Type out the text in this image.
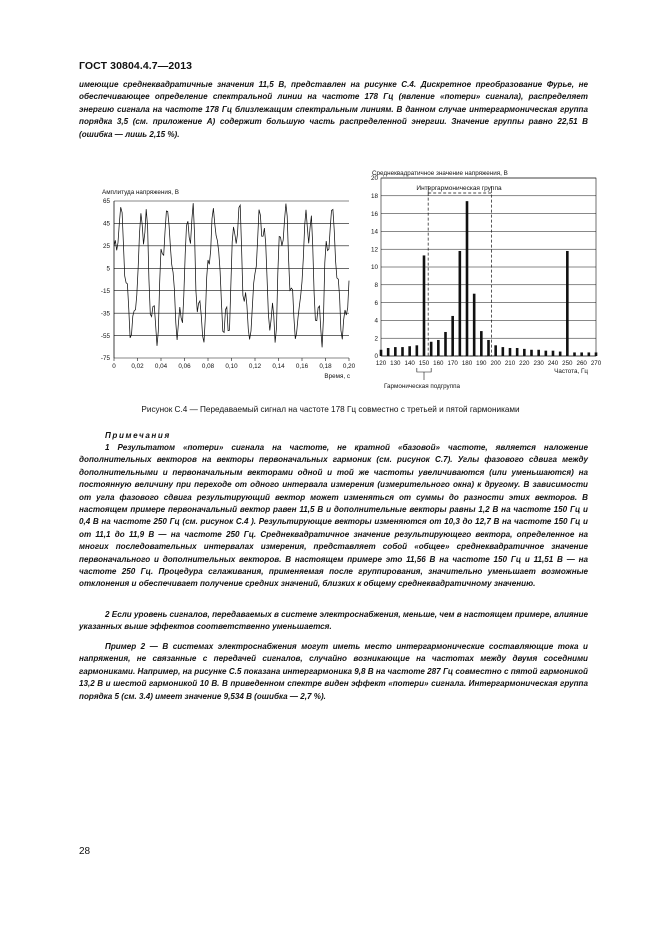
ГОСТ 30804.4.7—2013

имеющие среднеквадратичные значения 11,5 В, представлен на рисунке С.4. Дискретное преобразование Фурье, не обеспечивающее определение спектральной линии на частоте 178 Гц (явление «потери» сигнала), распределяет энергию сигнала на частоте 178 Гц близлежащим спектральным линиям. В данном случае интергармоническая группа порядка 3,5 (см. приложение А) содержит большую часть распределенной энергии. Значение группы равно 22,51 В (ошибка — лишь 2,15 %).

Амплитуда напряжения, В
65
45
25
5
-15
-35
-55
-75
0 0,02 0,04 0,06 0,08 0,10 0,12 0,14 0,16 0,18 0,20
Время, с
Среднеквадратичное значение напряжения, В
0
2
4
6
8
10
12
14
16
18
20
120 130 140 150 160 170 180 190 200 210 220 230 240 250 260 270
Интергармоническая группа
Гармоническая подгруппа
Частота, Гц

Рисунок С.4 — Передаваемый сигнал на частоте 178 Гц совместно с третьей и пятой гармониками

Примечания

1 Результатом «потери» сигнала на частоте, не кратной «базовой» частоте, является наложение дополнительных векторов на векторы первоначальных гармоник (см. рисунок С.7). Углы фазового сдвига между дополнительными и первоначальным векторами одной и той же частоты увеличиваются (или уменьшаются) на постоянную величину при переходе от одного интервала измерения (измерительного окна) к другому. В зависимости от угла фазового сдвига результирующий вектор может изменяться от суммы до разности этих векторов. В настоящем примере первоначальный вектор равен 11,5 В и дополнительные векторы равны 1,2 В на частоте 150 Гц и 0,4 В на частоте 250 Гц (см. рисунок С.4 ). Результирующие векторы изменяются от 10,3 до 12,7 В на частоте 150 Гц и от 11,1 до 11,9 В — на частоте 250 Гц. Среднеквадратичное значение результирующего вектора, определенное на многих последовательных интервалах измерения, представляет собой «общее» среднеквадратичное значение первоначального и дополнительных векторов. В настоящем примере это 11,56 В на частоте 150 Гц и 11,51 В — на частоте 250 Гц. Процедура сглаживания, применяемая после группирования, значительно уменьшает возможные отклонения и обеспечивает получение средних значений, близких к общему среднеквадратичному значению.

2 Если уровень сигналов, передаваемых в системе электроснабжения, меньше, чем в настоящем примере, влияние указанных выше эффектов соответственно уменьшается.

Пример 2 — В системах электроснабжения могут иметь место интергармонические составляющие тока и напряжения, не связанные с передачей сигналов, случайно возникающие на частотах между двумя соседними гармониками. Например, на рисунке С.5 показана интергармоника 9,8 В на частоте 287 Гц совместно с пятой гармоникой 13,2 В и шестой гармоникой 10 В. В приведенном спектре виден эффект «потери» сигнала. Интергармоническая группа порядка 5 (см. 3.4) имеет значение 9,534 В (ошибка — 2,7 %).

28
